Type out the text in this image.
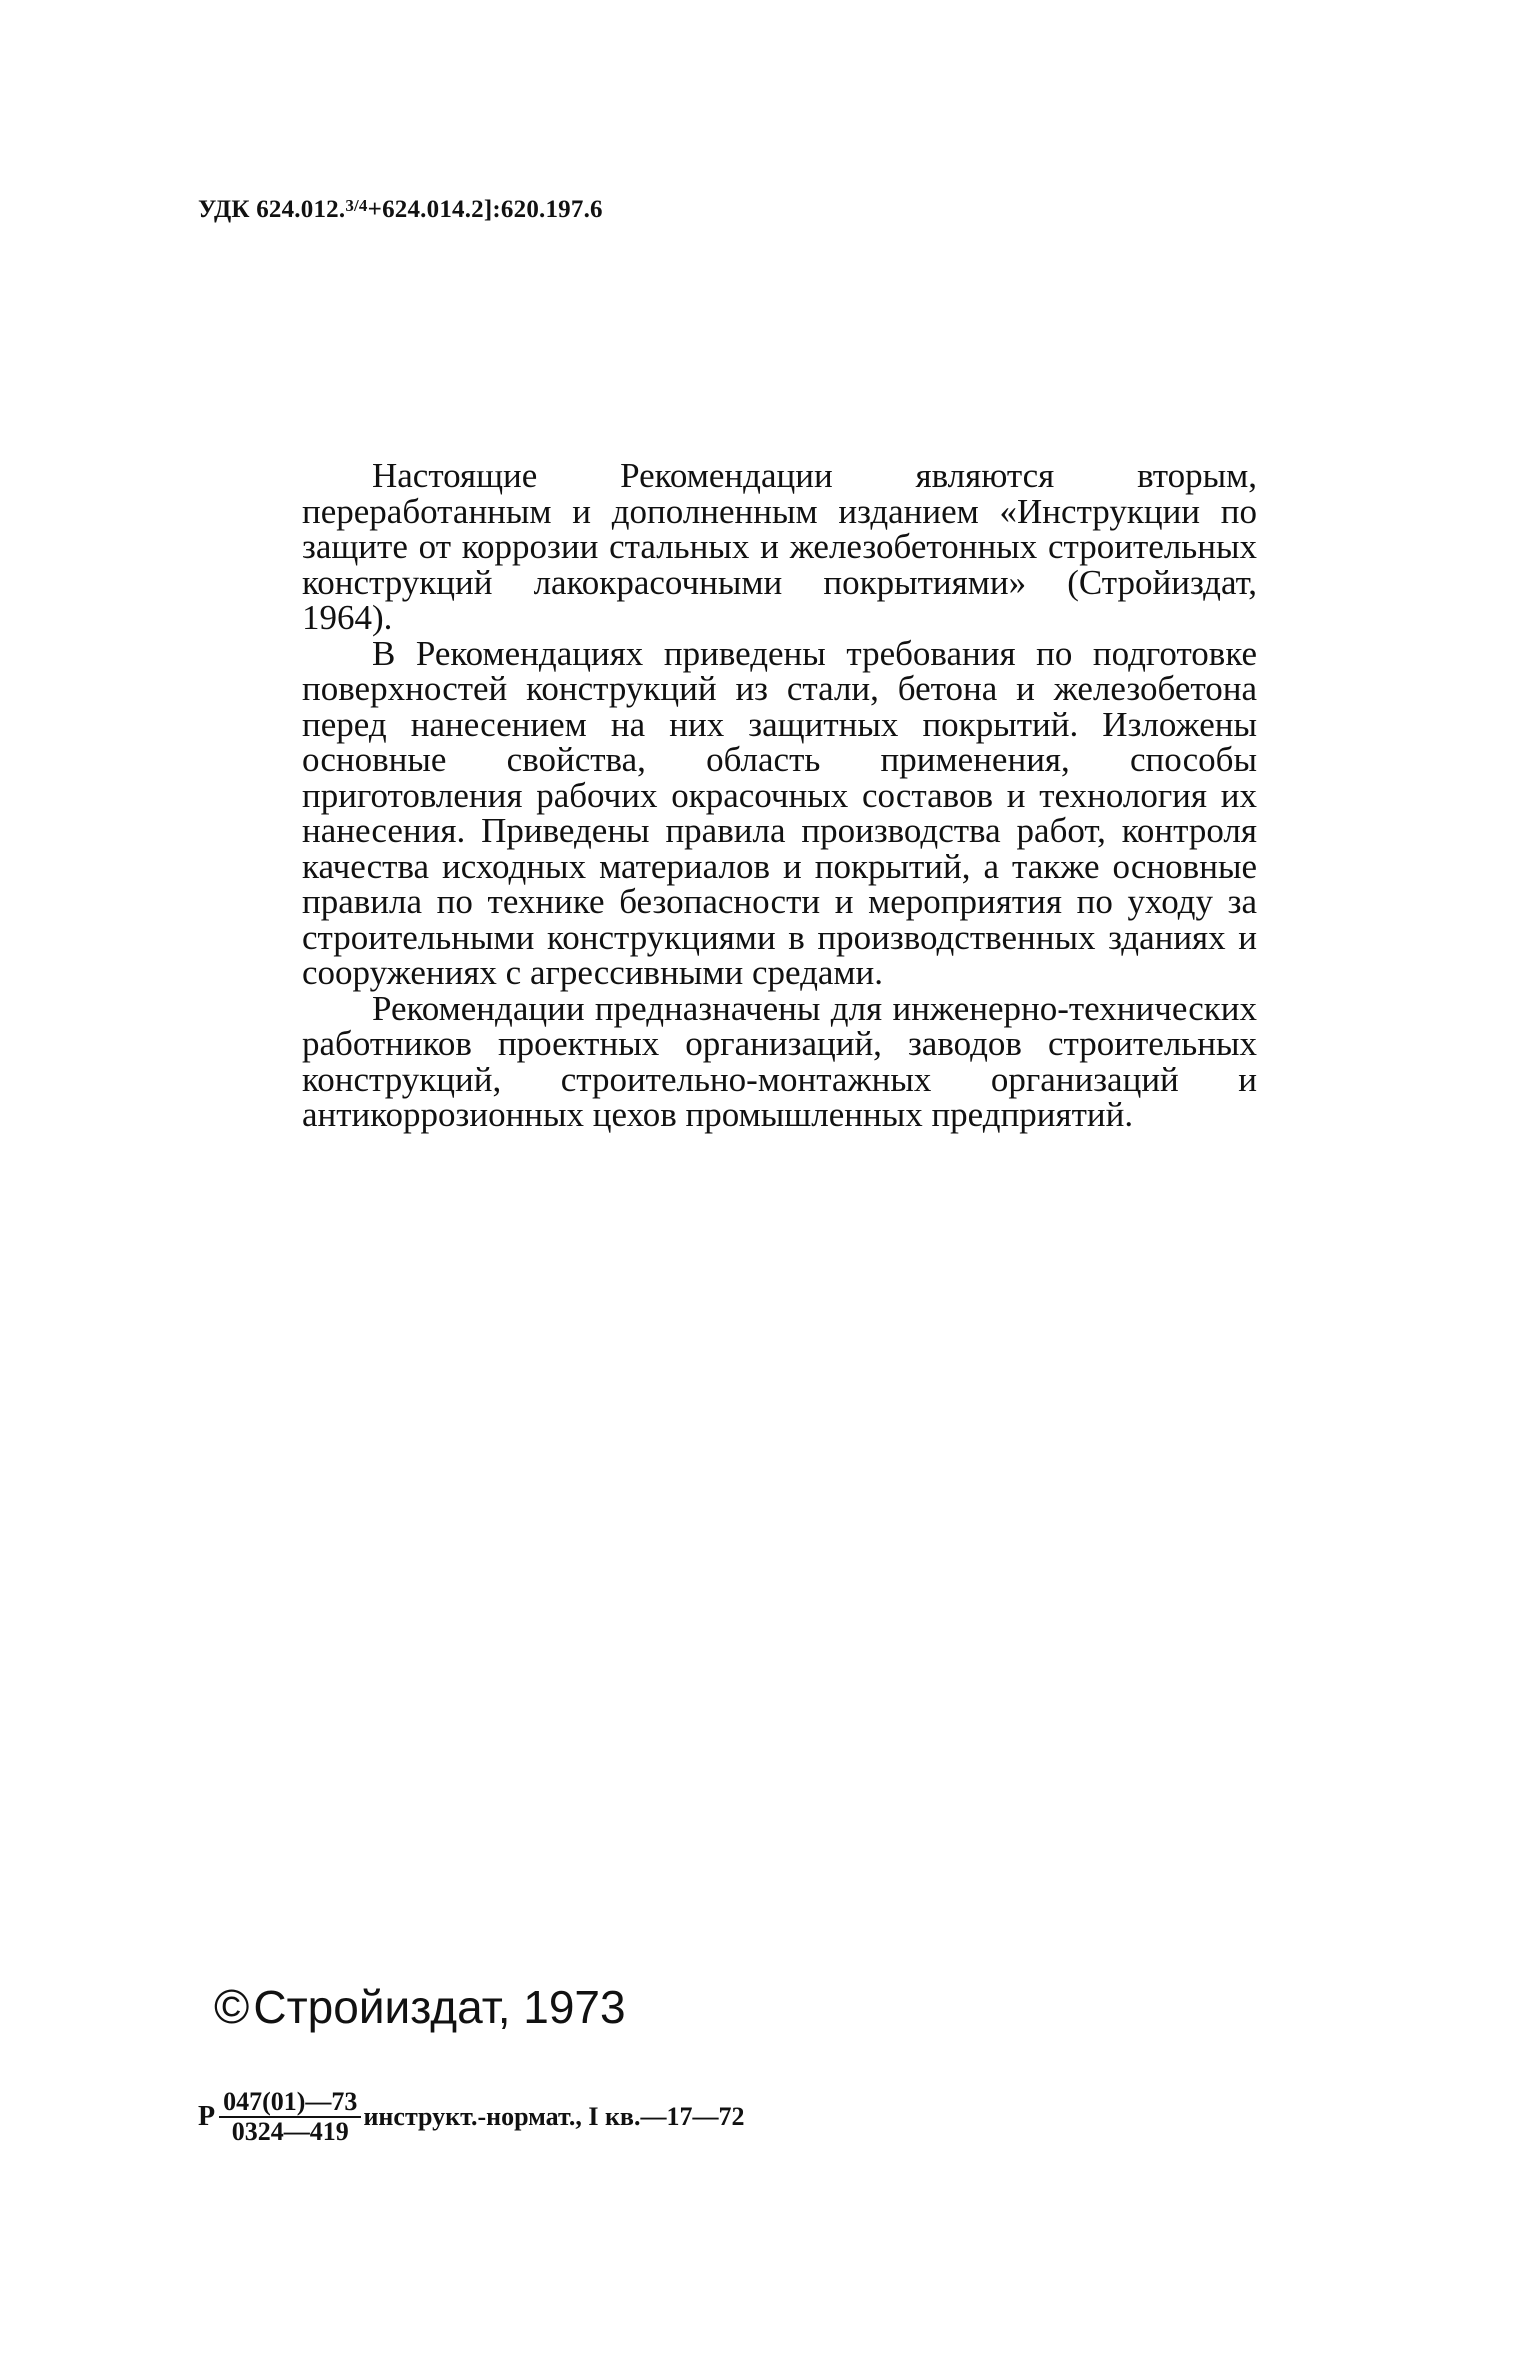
УДК 624.012.$^{3/4}$+624.014.2]:620.197.6

Настоящие Рекомендации являются вторым, переработанным и дополненным изданием «Инструкции по защите от коррозии стальных и железобетонных строительных конструкций лакокрасочными покрытиями» (Стройиздат, 1964).

В Рекомендациях приведены требования по подготовке поверхностей конструкций из стали, бетона и железобетона перед нанесением на них защитных покрытий. Изложены основные свойства, область применения, способы приготовления рабочих окрасочных составов и технология их нанесения. Приведены правила производства работ, контроля качества исходных материалов и покрытий, а также основные правила по технике безопасности и мероприятия по уходу за строительными конструкциями в производственных зданиях и сооружениях с агрессивными средами.

Рекомендации предназначены для инженерно-технических работников проектных организаций, заводов строительных конструкций, строительно-монтажных организаций и антикоррозионных цехов промышленных предприятий.

©Стройиздат, 1973
Р $\frac{047(01)—73}{0324—419}$ инструкт.-нормат., I кв.—17—72
